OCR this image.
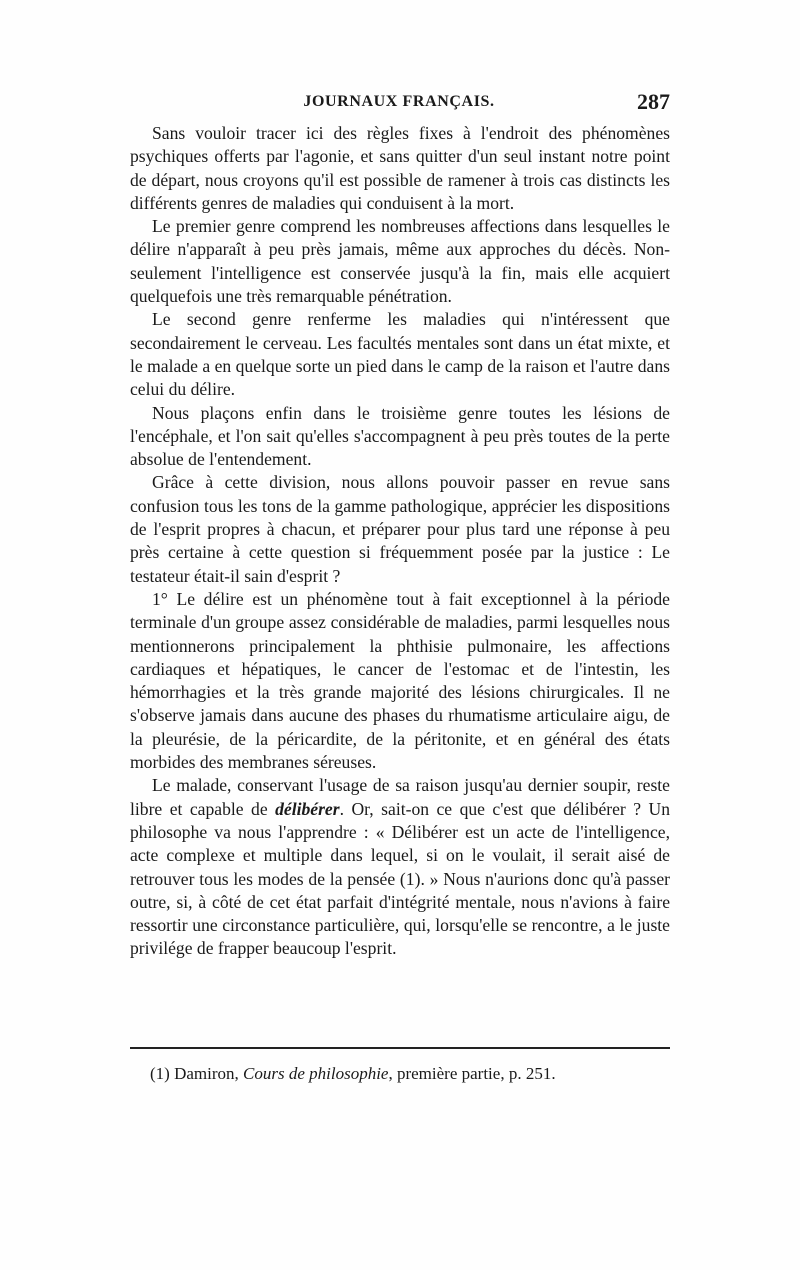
JOURNAUX FRANÇAIS.	287

Sans vouloir tracer ici des règles fixes à l'endroit des phénomènes psychiques offerts par l'agonie, et sans quitter d'un seul instant notre point de départ, nous croyons qu'il est possible de ramener à trois cas distincts les différents genres de maladies qui conduisent à la mort.

Le premier genre comprend les nombreuses affections dans lesquelles le délire n'apparaît à peu près jamais, même aux approches du décès. Non-seulement l'intelligence est conservée jusqu'à la fin, mais elle acquiert quelquefois une très remarquable pénétration.

Le second genre renferme les maladies qui n'intéressent que secondairement le cerveau. Les facultés mentales sont dans un état mixte, et le malade a en quelque sorte un pied dans le camp de la raison et l'autre dans celui du délire.

Nous plaçons enfin dans le troisième genre toutes les lésions de l'encéphale, et l'on sait qu'elles s'accompagnent à peu près toutes de la perte absolue de l'entendement.

Grâce à cette division, nous allons pouvoir passer en revue sans confusion tous les tons de la gamme pathologique, apprécier les dispositions de l'esprit propres à chacun, et préparer pour plus tard une réponse à peu près certaine à cette question si fréquemment posée par la justice : Le testateur était-il sain d'esprit ?

1° Le délire est un phénomène tout à fait exceptionnel à la période terminale d'un groupe assez considérable de maladies, parmi lesquelles nous mentionnerons principalement la phthisie pulmonaire, les affections cardiaques et hépatiques, le cancer de l'estomac et de l'intestin, les hémorrhagies et la très grande majorité des lésions chirurgicales. Il ne s'observe jamais dans aucune des phases du rhumatisme articulaire aigu, de la pleurésie, de la péricardite, de la péritonite, et en général des états morbides des membranes séreuses.

Le malade, conservant l'usage de sa raison jusqu'au dernier soupir, reste libre et capable de délibérer. Or, sait-on ce que c'est que délibérer ? Un philosophe va nous l'apprendre : « Délibérer est un acte de l'intelligence, acte complexe et multiple dans lequel, si on le voulait, il serait aisé de retrouver tous les modes de la pensée (1). » Nous n'aurions donc qu'à passer outre, si, à côté de cet état parfait d'intégrité mentale, nous n'avions à faire ressortir une circonstance particulière, qui, lorsqu'elle se rencontre, a le juste privilége de frapper beaucoup l'esprit.

(1) Damiron, Cours de philosophie, première partie, p. 251.
